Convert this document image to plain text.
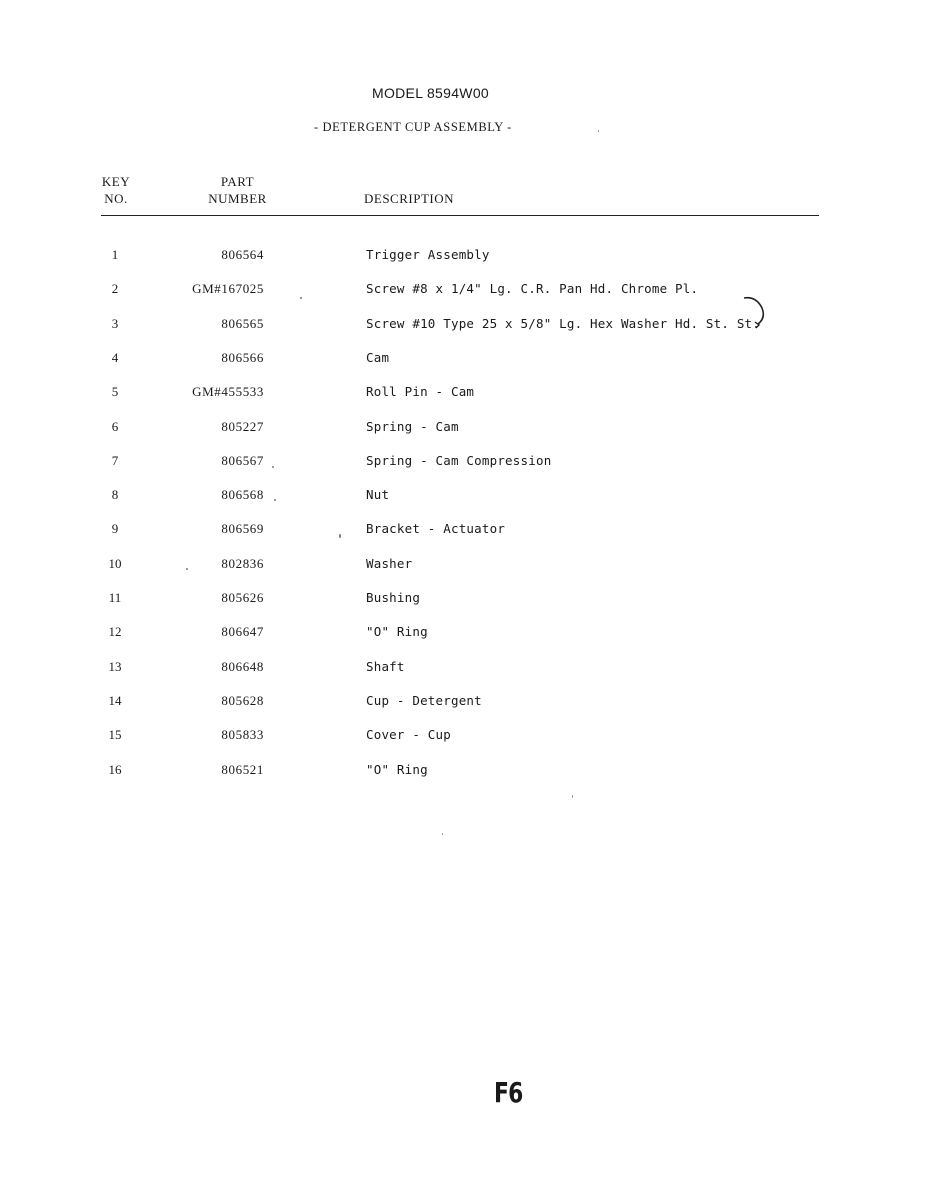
MODEL 8594W00
- DETERGENT CUP ASSEMBLY -
KEY
NO.
PART
NUMBER	DESCRIPTION
1	806564	Trigger Assembly
2	GM#167025	Screw #8 x 1/4" Lg. C.R. Pan Hd. Chrome Pl.
3	806565	Screw #10 Type 25 x 5/8" Lg. Hex Washer Hd. St. St.
4	806566	Cam
5	GM#455533	Roll Pin - Cam
6	805227	Spring - Cam
7	806567	Spring - Cam Compression
8	806568	Nut
9	806569	Bracket - Actuator
10	802836	Washer
11	805626	Bushing
12	806647	"O" Ring
13	806648	Shaft
14	805628	Cup - Detergent
15	805833	Cover - Cup
16	806521	"O" Ring
F6
